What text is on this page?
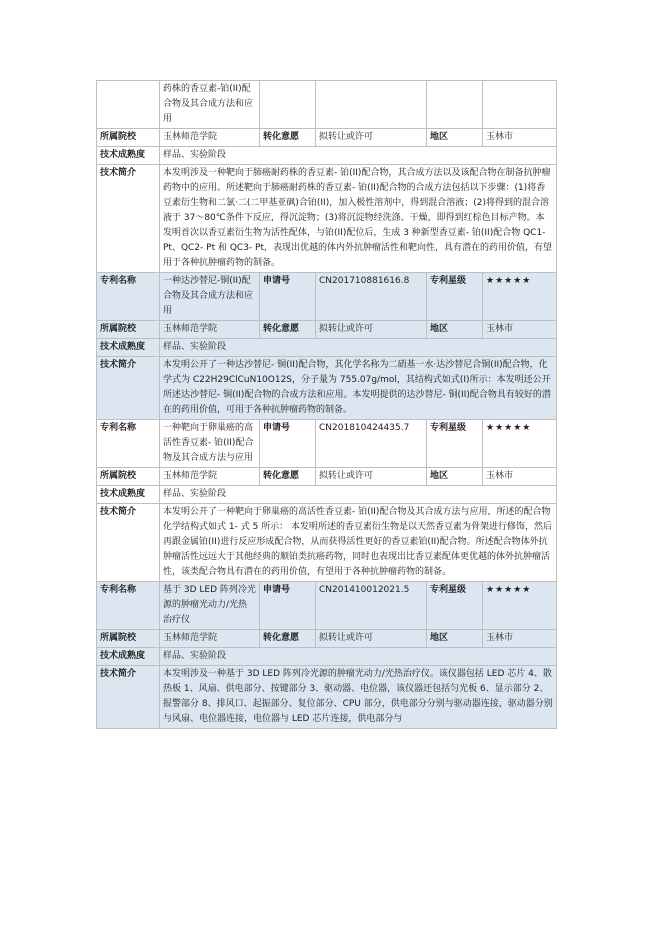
	药株的香豆素-铂(II)配合物及其合成方法和应用				
所属院校	玉林师范学院	转化意愿	拟转让或许可	地区	玉林市
技术成熟度	样品、实验阶段				
技术简介	本发明涉及一种靶向于肺癌耐药株的香豆素- 铂(II)配合物，其合成方法以及该配合物在制备抗肿瘤药物中的应用。所述靶向于肺癌耐药株的香豆素- 铂(II)配合物的合成方法包括以下步骤：(1)将香豆素衍生物和二氯·二(二甲基亚砜)合铂(II)，加入极性溶剂中，得到混合溶液；(2)将得到的混合溶液于 37～80℃条件下反应，得沉淀物；(3)将沉淀物经洗涤、干燥，即得到红棕色目标产物。本发明首次以香豆素衍生物为活性配体，与铂(II)配位后，生成 3 种新型香豆素- 铂(II)配合物 QC1- Pt、QC2- Pt 和 QC3- Pt，表现出优越的体内外抗肿瘤活性和靶向性，具有潜在的药用价值，有望用于各种抗肿瘤药物的制备。				
专利名称	一种达沙替尼-铜(II)配合物及其合成方法和应用	申请号	CN201710881616.8	专利星级	★★★★★
所属院校	玉林师范学院	转化意愿	拟转让或许可	地区	玉林市
技术成熟度	样品、实验阶段				
技术简介	本发明公开了一种达沙替尼- 铜(II)配合物，其化学名称为二硝基一水·达沙替尼合铜(II)配合物，化学式为 C22H29ClCuN10O12S，分子量为 755.07g/mol，其结构式如式(I)所示：本发明还公开所述达沙替尼- 铜(II)配合物的合成方法和应用。本发明提供的达沙替尼- 铜(II)配合物具有较好的潜在的药用价值，可用于各种抗肿瘤药物的制备。				
专利名称	一种靶向于卵巢癌的高活性香豆素- 铂(II)配合物及其合成方法与应用	申请号	CN201810424435.7	专利星级	★★★★★
所属院校	玉林师范学院	转化意愿	拟转让或许可	地区	玉林市
技术成熟度	样品、实验阶段				
技术简介	本发明公开了一种靶向于卵巢癌的高活性香豆素- 铂(II)配合物及其合成方法与应用，所述的配合物化学结构式如式 1- 式 5 所示： 本发明所述的香豆素衍生物是以天然香豆素为骨架进行修饰，然后再跟金属铂(II)进行反应形成配合物，从而获得活性更好的香豆素铂(II)配合物。所述配合物体外抗肿瘤活性远远大于其他经典的顺铂类抗癌药物，同时也表现出比香豆素配体更优越的体外抗肿瘤活性，该类配合物具有潜在的药用价值，有望用于各种抗肿瘤药物的制备。				
专利名称	基于 3D LED 阵列冷光源的肿瘤光动力/光热治疗仪	申请号	CN201410012021.5	专利星级	★★★★★
所属院校	玉林师范学院	转化意愿	拟转让或许可	地区	玉林市
技术成熟度	样品、实验阶段				
技术简介	本发明涉及一种基于 3D LED 阵列冷光源的肿瘤光动力/光热治疗仪。该仪器包括 LED 芯片 4、散热板 1、风扇、供电部分、按键部分 3、驱动器、电位器，该仪器还包括匀光板 6、显示部分 2、报警部分 8、排风口、起振部分、复位部分、CPU 部分，供电部分分别与驱动器连接，驱动器分别与风扇、电位器连接，电位器与 LED 芯片连接，供电部分与				
